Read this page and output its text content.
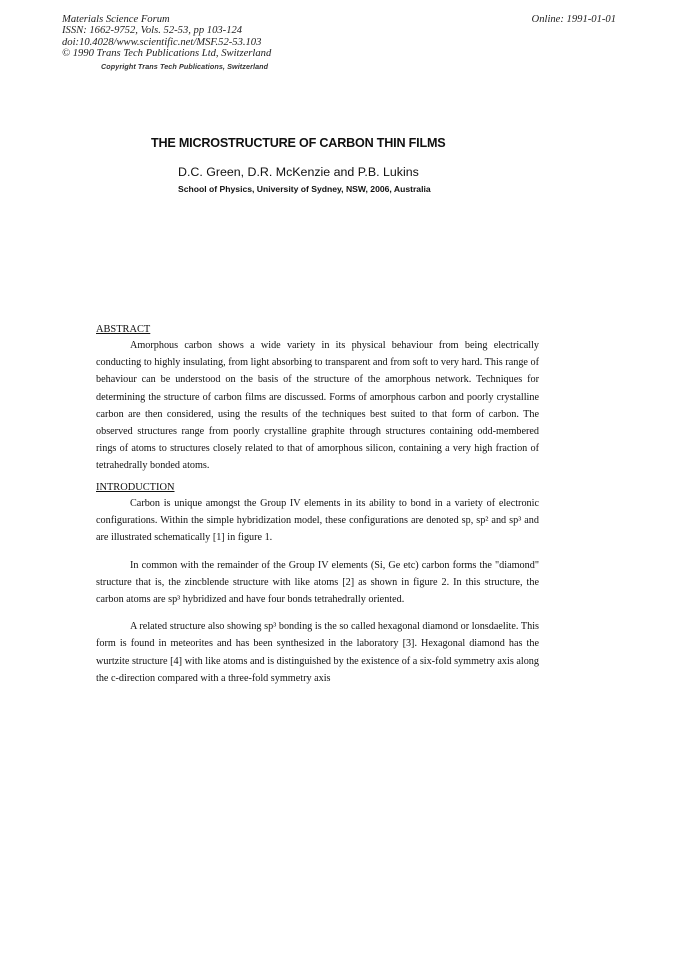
Materials Science Forum
ISSN: 1662-9752, Vols. 52-53, pp 103-124
doi:10.4028/www.scientific.net/MSF.52-53.103
© 1990 Trans Tech Publications Ltd, Switzerland
Online: 1991-01-01
Copyright Trans Tech Publications, Switzerland
THE MICROSTRUCTURE OF CARBON THIN FILMS
D.C. Green, D.R. McKenzie and P.B. Lukins
School of Physics, University of Sydney, NSW, 2006, Australia
ABSTRACT

Amorphous carbon shows a wide variety in its physical behaviour from being electrically conducting to highly insulating, from light absorbing to transparent and from soft to very hard. This range of behaviour can be understood on the basis of the structure of the amorphous network. Techniques for determining the structure of carbon films are discussed. Forms of amorphous carbon and poorly crystalline carbon are then considered, using the results of the techniques best suited to that form of carbon. The observed structures range from poorly crystalline graphite through structures containing odd-membered rings of atoms to structures closely related to that of amorphous silicon, containing a very high fraction of tetrahedrally bonded atoms.

INTRODUCTION

Carbon is unique amongst the Group IV elements in its ability to bond in a variety of electronic configurations. Within the simple hybridization model, these configurations are denoted sp, sp² and sp³ and are illustrated schematically [1] in figure 1.

In common with the remainder of the Group IV elements (Si, Ge etc) carbon forms the "diamond" structure that is, the zincblende structure with like atoms [2] as shown in figure 2. In this structure, the carbon atoms are sp³ hybridized and have four bonds tetrahedrally oriented.

A related structure also showing sp³ bonding is the so called hexagonal diamond or lonsdaelite. This form is found in meteorites and has been synthesized in the laboratory [3]. Hexagonal diamond has the wurtzite structure [4] with like atoms and is distinguished by the existence of a six-fold symmetry axis along the c-direction compared with a three-fold symmetry axis
